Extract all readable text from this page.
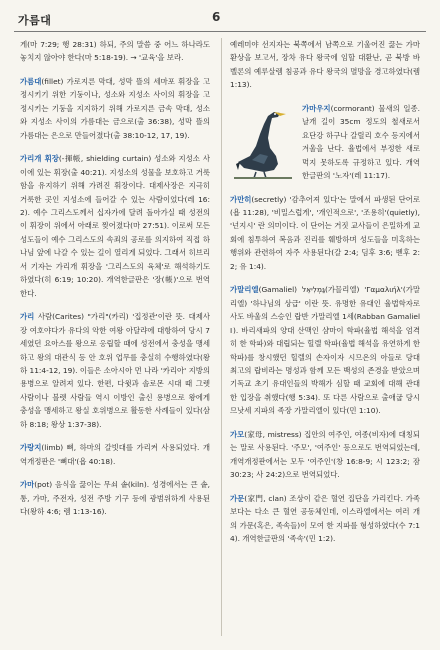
가름대	6

게(마 7:29; 행 28:31) 하되, 주의 말씀 중 어느 하나라도 놓치지 않아야 한다(마 5:18-19). → '교육'을 보라.

가름대(fillet) 가로지른 막대, 성막 뜰의 세마포 휘장을 고정시키기 위한 기둥이나, 성소와 지성소 사이의 휘장을 고정시키는 기둥을 지지하기 위해 가로지른 금속 막대, 성소와 지성소 사이의 가름대는 금으로(출 36:38), 성막 뜰의 가름대는 은으로 만들어졌다(출 38:10-12, 17, 19).

가리개 휘장(-揮帳, shielding curtain) 성소와 지성소 사이에 있는 휘장(출 40:21). 지성소의 성물을 보호하고 거룩함을 유지하기 위해 가려진 휘장이다. 대제사장은 지극히 거룩한 곳인 지성소에 들어갈 수 있는 사람이었다(레 16:2). 예수 그리스도께서 십자가에 달려 돌아가실 때 성전의 이 휘장이 위에서 아래로 찢어졌다(마 27:51). 이로써 모든 성도들이 예수 그리스도의 속죄의 공로를 의지하여 직접 하나님 앞에 나갈 수 있는 길이 열리게 되었다. 그래서 히브리서 기자는 가리개 휘장을 '그리스도의 육체'로 해석하기도 하였다(히 6:19; 10:20). 개역한글판은 '장(帳)'으로 번역한다.

가리 사람(Carites) "가리"(카리) '집정관'이란 뜻. 대제사장 여호야다가 유다의 악한 여왕 아달랴에 대항하여 당시 7세였던 요아스를 왕으로 옹립할 때에 성전에서 충성을 맹세하고 왕의 대관식 등 안 호위 업무를 충실히 수행하였다(왕하 11:4-12, 19). 이들은 소아시아 먼 나라 '카리아' 지방의 용병으로 알려져 있다. 한편, 다윗과 솔로몬 시대 때 그렛 사람이나 블렛 사람들 역시 이방인 출신 용병으로 왕에게 충성을 맹세하고 왕실 호위병으로 활동한 사례들이 있다(삼하 8:18; 왕상 1:37-38).

가랑지(limb) 뼈, 하마의 갈빗대를 가리켜 사용되었다. 개역개정판은 '뼈대'(욥 40:18).

가마(pot) 음식을 끓이는 무쇠 솥(kiln). 성경에서는 큰 솥, 통, 가마, 주전자, 성전 주방 기구 등에 광범위하게 사용된다(왕하 4:6; 렘 1:13-16).

예레미야 선지자는 북쪽에서 남쪽으로 기울어진 끓는 가마 환상을 보고서, 장차 유다 왕국에 임할 대환난, 곧 북방 바벨론의 예루살렘 침공과 유다 왕국의 멸망을 경고하였다(렘 1:13).

가마우지(cormorant) 물새의 일종. 날개 길이 35cm 정도의 철새로서 요단강 하구나 갈릴리 호수 등지에서 겨울을 난다. 율법에서 부정한 새로 먹지 못하도록 규정하고 있다. 개역한글판의 '노자'(레 11:17).

가만히(secretly) '감추어져 있다'는 말에서 파생된 단어로(욥 11:28), '비밀스럽게', '개인적으로', '조용히'(quietly), '넌지시' 란 의미이다. 이 단어는 거짓 교사들이 은밀하게 교회에 침투하여 복음과 진리를 훼방하며 성도들을 미혹하는 행위와 관련하여 자주 사용된다(갈 2:4; 딤후 3:6; 벧후 2:2; 유 1:4).

가말리엘(Gamaliel) גַּמְלִיאֵל(가믈리엘) 'Γαμαλιήλ'(가말리엘) '하나님의 상급' 이란 뜻. 유명한 유대인 율법학자로 사도 바울의 스승인 랍반 가말리엘 1세(Rabban Gamaliel Ⅰ). 바리새파의 양대 산맥인 샴마이 학파(율법 해석을 엄격히 한 학파)와 대립되는 힐렐 학파(율법 해석을 유연하게 한 학파)를 창시했던 힐렐의 손자이자 시므온의 아들로 당대 최고의 랍비라는 명성과 함께 모든 백성의 존경을 받았으며 기독교 초기 유대인들의 박해가 심할 때 교회에 대해 관대한 입장을 취했다(행 5:34). 또 다른 사람으로 출애굽 당시 므낫세 지파의 족장 가말리엘이 있다(민 1:10).

가모(家母, mistress) 집안의 여주인, 여종(비자)에 대칭되는 말로 사용된다. '주모', '여주인' 등으로도 번역되었는데, 개역개정판에서는 모두 '여주인'(창 16:8-9; 시 123:2; 잠 30:23; 사 24:2)으로 번역되었다.

가문(家門, clan) 조상이 같은 혈연 집단을 가리킨다. 가족보다는 다소 큰 혈연 공동체인데, 이스라엘에서는 여러 개의 가문(혹은, 족속들)이 모여 한 지파를 형성하였다(수 7:14). 개역한글판의 '족속'(민 1:2).
